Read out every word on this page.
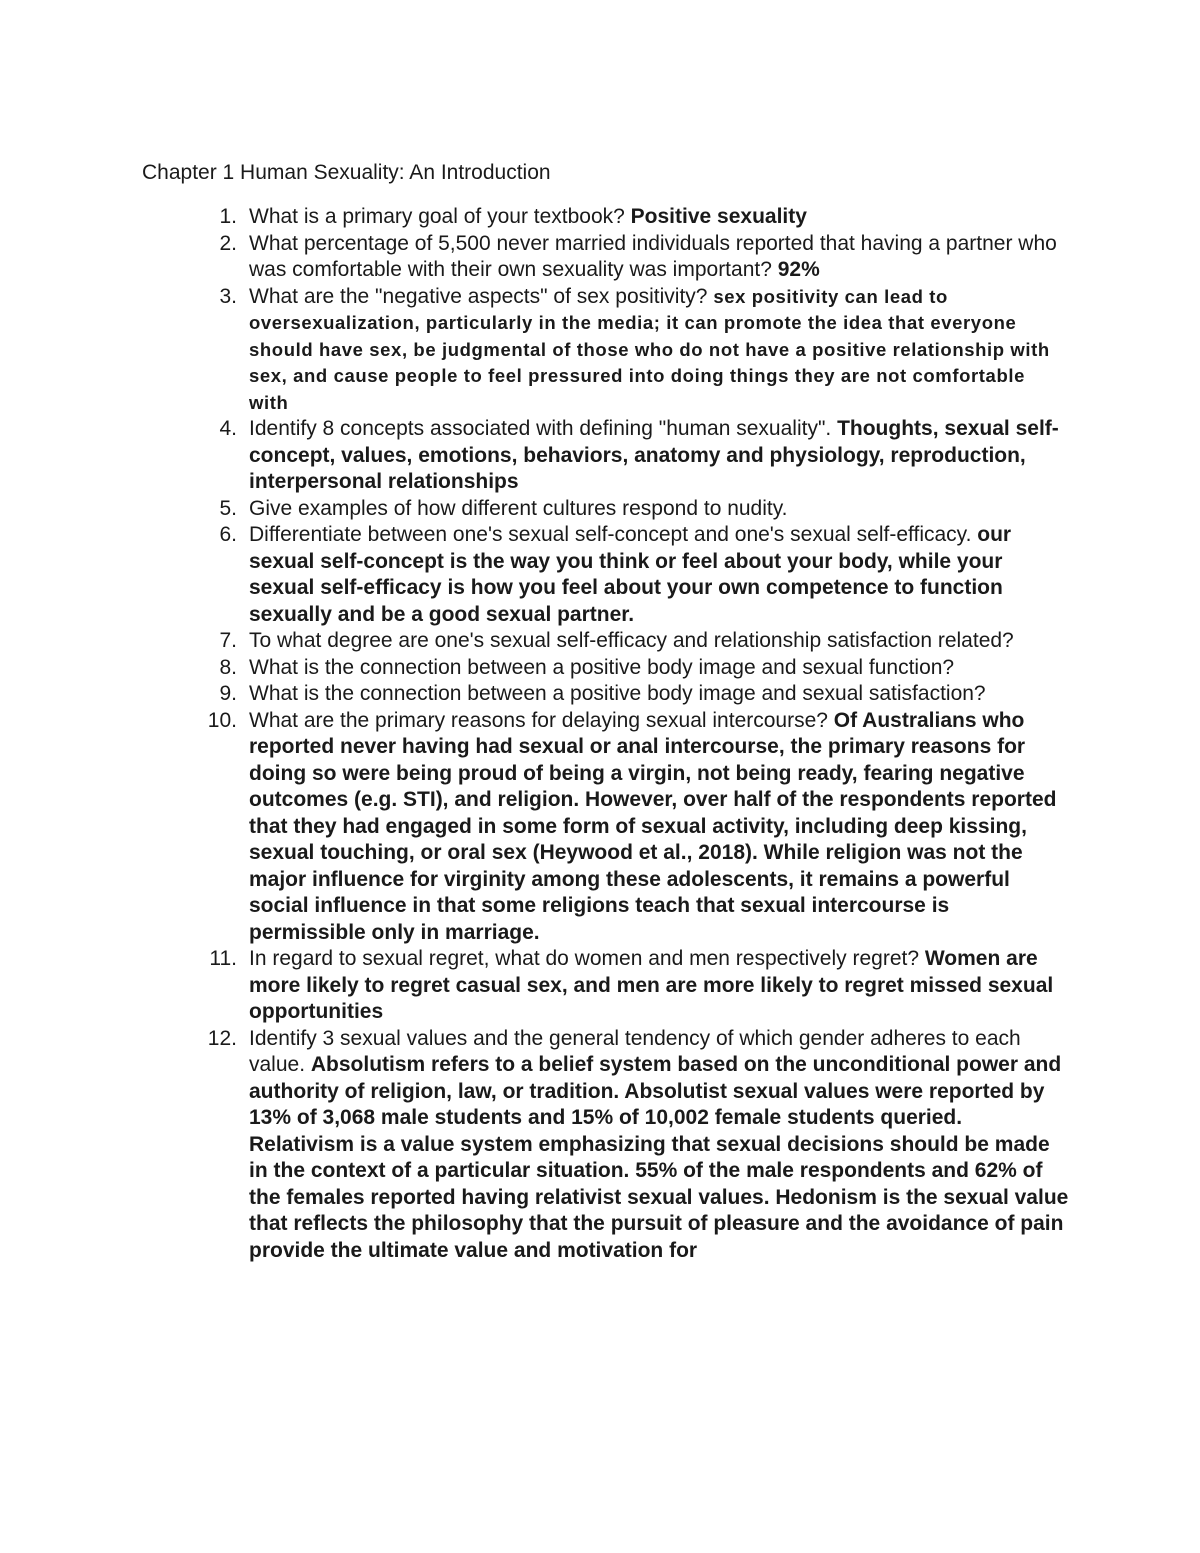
Chapter 1 Human Sexuality: An Introduction
1. What is a primary goal of your textbook? Positive sexuality
2. What percentage of 5,500 never married individuals reported that having a partner who was comfortable with their own sexuality was important? 92%
3. What are the "negative aspects" of sex positivity? sex positivity can lead to oversexualization, particularly in the media; it can promote the idea that everyone should have sex, be judgmental of those who do not have a positive relationship with sex, and cause people to feel pressured into doing things they are not comfortable with
4. Identify 8 concepts associated with defining "human sexuality". Thoughts, sexual self-concept, values, emotions, behaviors, anatomy and physiology, reproduction, interpersonal relationships
5. Give examples of how different cultures respond to nudity.
6. Differentiate between one's sexual self-concept and one's sexual self-efficacy. our sexual self-concept is the way you think or feel about your body, while your sexual self-efficacy is how you feel about your own competence to function sexually and be a good sexual partner.
7. To what degree are one's sexual self-efficacy and relationship satisfaction related?
8. What is the connection between a positive body image and sexual function?
9. What is the connection between a positive body image and sexual satisfaction?
10. What are the primary reasons for delaying sexual intercourse? Of Australians who reported never having had sexual or anal intercourse, the primary reasons for doing so were being proud of being a virgin, not being ready, fearing negative outcomes (e.g. STI), and religion. However, over half of the respondents reported that they had engaged in some form of sexual activity, including deep kissing, sexual touching, or oral sex (Heywood et al., 2018). While religion was not the major influence for virginity among these adolescents, it remains a powerful social influence in that some religions teach that sexual intercourse is permissible only in marriage.
11. In regard to sexual regret, what do women and men respectively regret? Women are more likely to regret casual sex, and men are more likely to regret missed sexual opportunities
12. Identify 3 sexual values and the general tendency of which gender adheres to each value. Absolutism refers to a belief system based on the unconditional power and authority of religion, law, or tradition. Absolutist sexual values were reported by 13% of 3,068 male students and 15% of 10,002 female students queried. Relativism is a value system emphasizing that sexual decisions should be made in the context of a particular situation. 55% of the male respondents and 62% of the females reported having relativist sexual values. Hedonism is the sexual value that reflects the philosophy that the pursuit of pleasure and the avoidance of pain provide the ultimate value and motivation for
